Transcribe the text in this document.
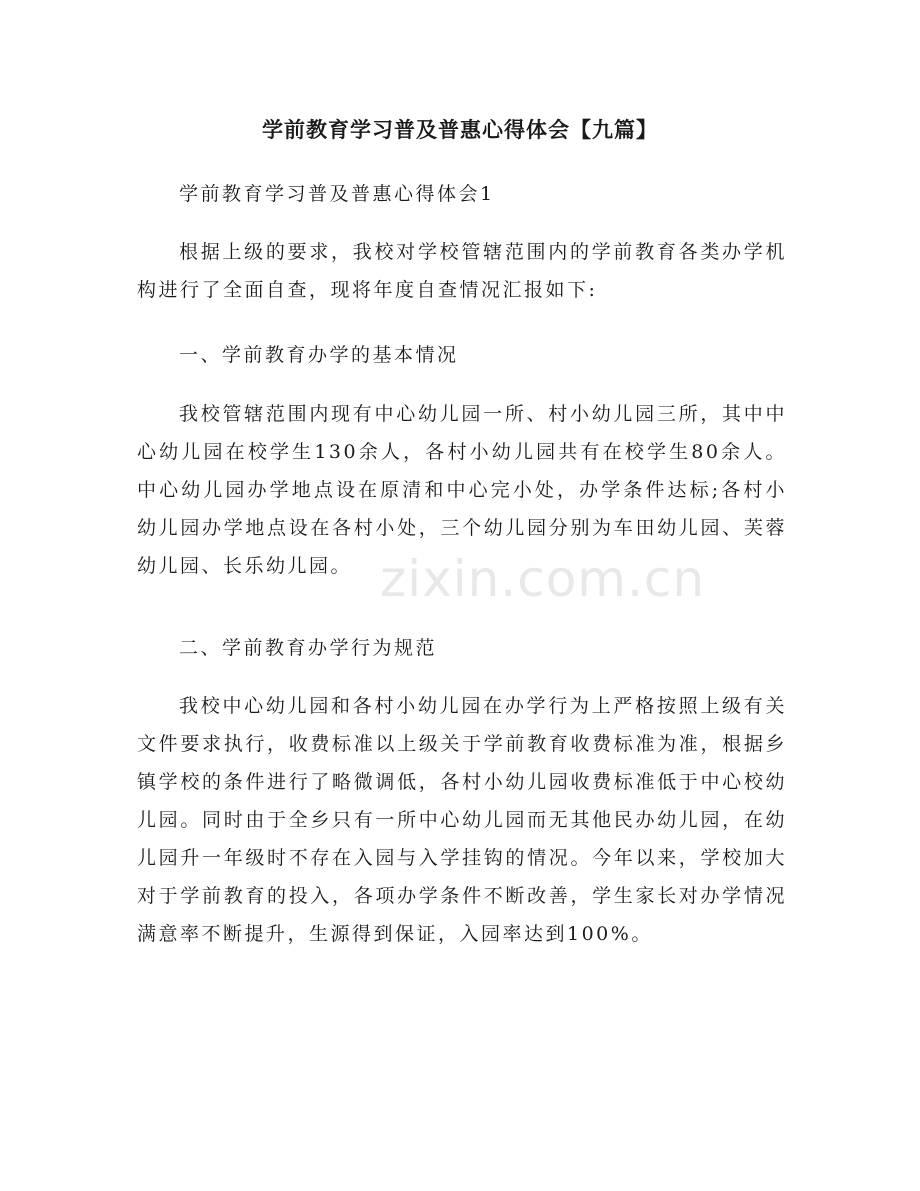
学前教育学习普及普惠心得体会【九篇】
学前教育学习普及普惠心得体会1
根据上级的要求，我校对学校管辖范围内的学前教育各类办学机构进行了全面自查，现将年度自查情况汇报如下:
一、学前教育办学的基本情况
我校管辖范围内现有中心幼儿园一所、村小幼儿园三所，其中中心幼儿园在校学生130余人，各村小幼儿园共有在校学生80余人。中心幼儿园办学地点设在原清和中心完小处，办学条件达标;各村小幼儿园办学地点设在各村小处，三个幼儿园分别为车田幼儿园、芙蓉幼儿园、长乐幼儿园。
二、学前教育办学行为规范
我校中心幼儿园和各村小幼儿园在办学行为上严格按照上级有关文件要求执行，收费标准以上级关于学前教育收费标准为准，根据乡镇学校的条件进行了略微调低，各村小幼儿园收费标准低于中心校幼儿园。同时由于全乡只有一所中心幼儿园而无其他民办幼儿园，在幼儿园升一年级时不存在入园与入学挂钩的情况。今年以来，学校加大对于学前教育的投入，各项办学条件不断改善，学生家长对办学情况满意率不断提升，生源得到保证，入园率达到100%。
zixin.com.cn
